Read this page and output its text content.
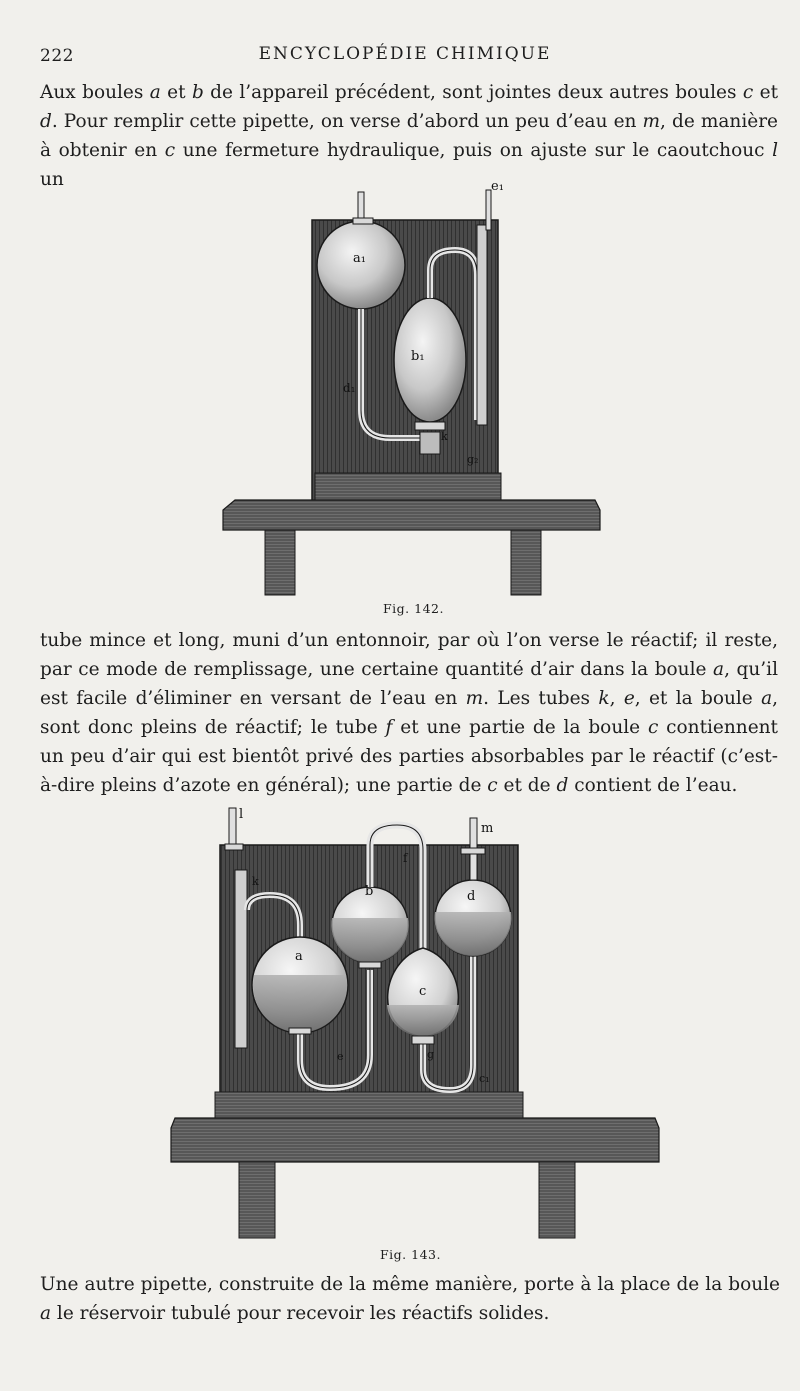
222	ENCYCLOPÉDIE CHIMIQUE

Aux boules a et b de l’appareil précédent, sont jointes deux autres boules c et d. Pour remplir cette pipette, on verse d’abord un peu d’eau en m, de manière à obtenir en c une fermeture hydraulique, puis on ajuste sur le caoutchouc l un

a₁
b₁
d₁
e₁
k
g₂
Fig. 142.

tube mince et long, muni d’un entonnoir, par où l’on verse le réactif; il reste, par ce mode de remplissage, une certaine quantité d’air dans la boule a, qu’il est facile d’éliminer en versant de l’eau en m. Les tubes k, e, et la boule a, sont donc pleins de réactif; le tube f et une partie de la boule c contiennent un peu d’air qui est bientôt privé des parties absorbables par le réactif (c’est-à-dire pleins d’azote en général); une partie de c et de d contient de l’eau.

l
m
a
b
c
d
f
e
k
g
c₁
Fig. 143.

Une autre pipette, construite de la même manière, porte à la place de la boule a le réservoir tubulé pour recevoir les réactifs solides.
